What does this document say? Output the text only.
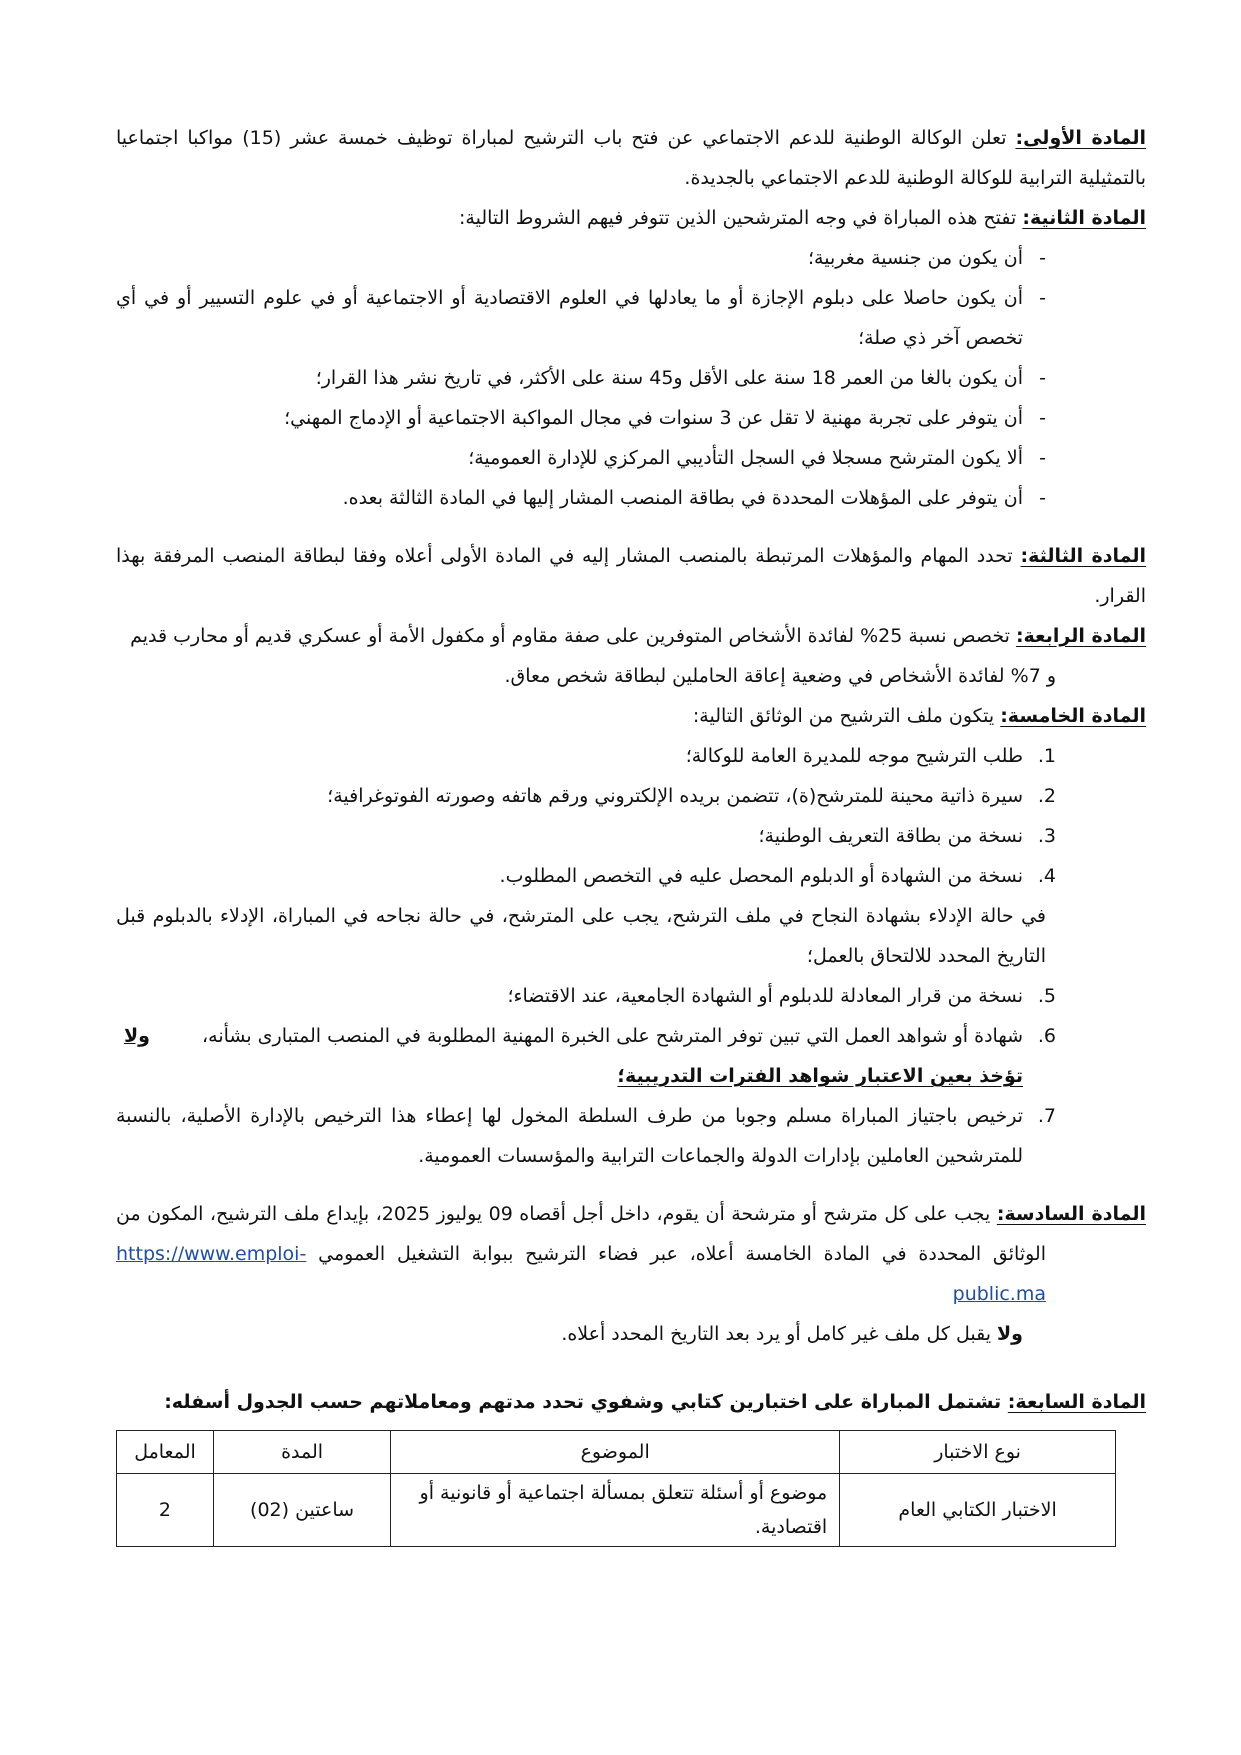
المادة الأولى: تعلن الوكالة الوطنية للدعم الاجتماعي عن فتح باب الترشيح لمباراة توظيف خمسة عشر (15) مواكبا اجتماعيا بالتمثيلية الترابية للوكالة الوطنية للدعم الاجتماعي بالجديدة.

المادة الثانية: تفتح هذه المباراة في وجه المترشحين الذين تتوفر فيهم الشروط التالية:

-
أن يكون من جنسية مغربية؛
-
أن يكون حاصلا على دبلوم الإجازة أو ما يعادلها في العلوم الاقتصادية أو الاجتماعية أو في علوم التسيير أو في أي تخصص آخر ذي صلة؛
-
أن يكون بالغا من العمر 18 سنة على الأقل و45 سنة على الأكثر، في تاريخ نشر هذا القرار؛
-
أن يتوفر على تجربة مهنية لا تقل عن 3 سنوات في مجال المواكبة الاجتماعية أو الإدماج المهني؛
-
ألا يكون المترشح مسجلا في السجل التأديبي المركزي للإدارة العمومية؛
-
أن يتوفر على المؤهلات المحددة في بطاقة المنصب المشار إليها في المادة الثالثة بعده.

المادة الثالثة: تحدد المهام والمؤهلات المرتبطة بالمنصب المشار إليه في المادة الأولى أعلاه وفقا لبطاقة المنصب المرفقة بهذا القرار.

المادة الرابعة: تخصص نسبة 25% لفائدة الأشخاص المتوفرين على صفة مقاوم أو مكفول الأمة أو عسكري قديم أو محارب قديم

و 7% لفائدة الأشخاص في وضعية إعاقة الحاملين لبطاقة شخص معاق.

المادة الخامسة: يتكون ملف الترشيح من الوثائق التالية:

1.
طلب الترشيح موجه للمديرة العامة للوكالة؛
2.
سيرة ذاتية محينة للمترشح(ة)، تتضمن بريده الإلكتروني ورقم هاتفه وصورته الفوتوغرافية؛
3.
نسخة من بطاقة التعريف الوطنية؛
4.
نسخة من الشهادة أو الدبلوم المحصل عليه في التخصص المطلوب.

في حالة الإدلاء بشهادة النجاح في ملف الترشح، يجب على المترشح، في حالة نجاحه في المباراة، الإدلاء بالدبلوم قبل التاريخ المحدد للالتحاق بالعمل؛

5.
نسخة من قرار المعادلة للدبلوم أو الشهادة الجامعية، عند الاقتضاء؛
6.
شهادة أو شواهد العمل التي تبين توفر المترشح على الخبرة المهنية المطلوبة في المنصب المتبارى بشأنه،
ولا
تؤخذ بعين الاعتبار شواهد الفترات التدريبية؛
7.
ترخيص باجتياز المباراة مسلم وجوبا من طرف السلطة المخول لها إعطاء هذا الترخيص بالإدارة الأصلية، بالنسبة للمترشحين العاملين بإدارات الدولة والجماعات الترابية والمؤسسات العمومية.

المادة السادسة: يجب على كل مترشح أو مترشحة أن يقوم، داخل أجل أقصاه 09 يوليوز 2025، بإيداع ملف الترشيح، المكون من الوثائق المحددة في المادة الخامسة أعلاه، عبر فضاء الترشيح ببوابة التشغيل العمومي https://www.emploi-public.ma

ولا يقبل كل ملف غير كامل أو يرد بعد التاريخ المحدد أعلاه.

المادة السابعة: تشتمل المباراة على اختبارين كتابي وشفوي تحدد مدتهم ومعاملاتهم حسب الجدول أسفله:

نوع الاختبار	الموضوع	المدة	المعامل
الاختبار الكتابي العام	موضوع أو أسئلة تتعلق بمسألة اجتماعية أو قانونية أو اقتصادية.	ساعتين (02)	2
